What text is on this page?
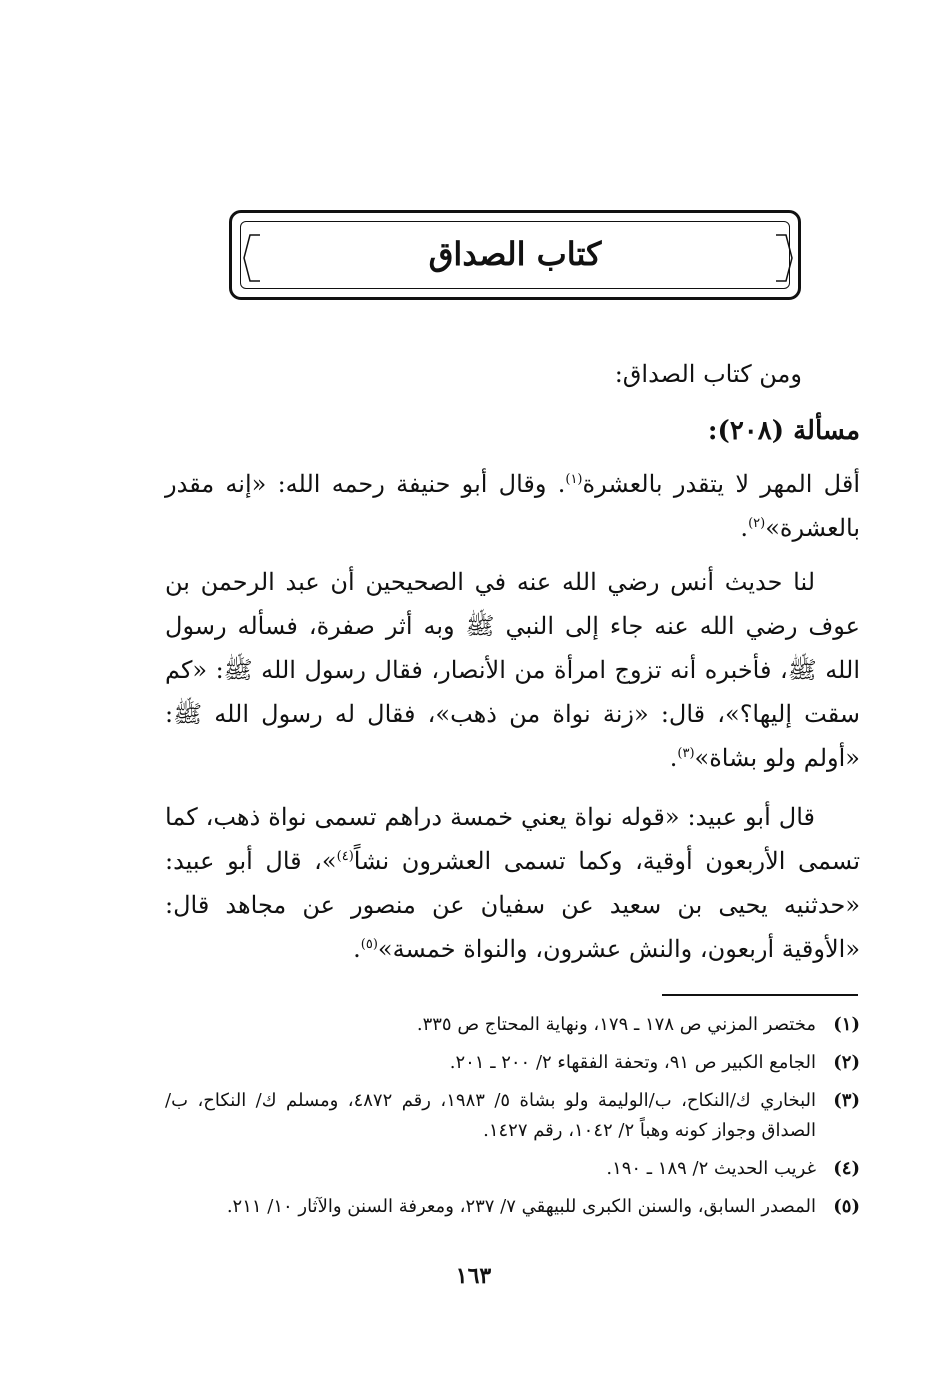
كتاب الصداق
ومن كتاب الصداق:
مسألة (٢٠٨):
أقل المهر لا يتقدر بالعشرة$^{(١)}$. وقال أبو حنيفة رحمه الله: «إنه مقدر بالعشرة»$^{(٢)}$.
لنا حديث أنس رضي الله عنه في الصحيحين أن عبد الرحمن بن عوف رضي الله عنه جاء إلى النبي ﷺ وبه أثر صفرة، فسأله رسول الله ﷺ، فأخبره أنه تزوج امرأة من الأنصار، فقال رسول الله ﷺ: «كم سقت إليها؟»، قال: «زنة نواة من ذهب»، فقال له رسول الله ﷺ: «أولم ولو بشاة»$^{(٣)}$.
قال أبو عبيد: «قوله نواة يعني خمسة دراهم تسمى نواة ذهب، كما تسمى الأربعون أوقية، وكما تسمى العشرون نشاً$^{(٤)}$»، قال أبو عبيد: «حدثنيه يحيى بن سعيد عن سفيان عن منصور عن مجاهد قال: «الأوقية أربعون، والنش عشرون، والنواة خمسة»$^{(٥)}$.
(١)
مختصر المزني ص ١٧٨ ـ ١٧٩، ونهاية المحتاج ص ٣٣٥.
(٢)
الجامع الكبير ص ٩١، وتحفة الفقهاء ٢/ ٢٠٠ ـ ٢٠١.
(٣)
البخاري ك/النكاح، ب/الوليمة ولو بشاة ٥/ ١٩٨٣، رقم ٤٨٧٢، ومسلم ك/ النكاح، ب/الصداق وجواز كونه وهباً ٢/ ١٠٤٢، رقم ١٤٢٧.
(٤)
غريب الحديث ٢/ ١٨٩ ـ ١٩٠.
(٥)
المصدر السابق، والسنن الكبرى للبيهقي ٧/ ٢٣٧، ومعرفة السنن والآثار ١٠/ ٢١١.
١٦٣
